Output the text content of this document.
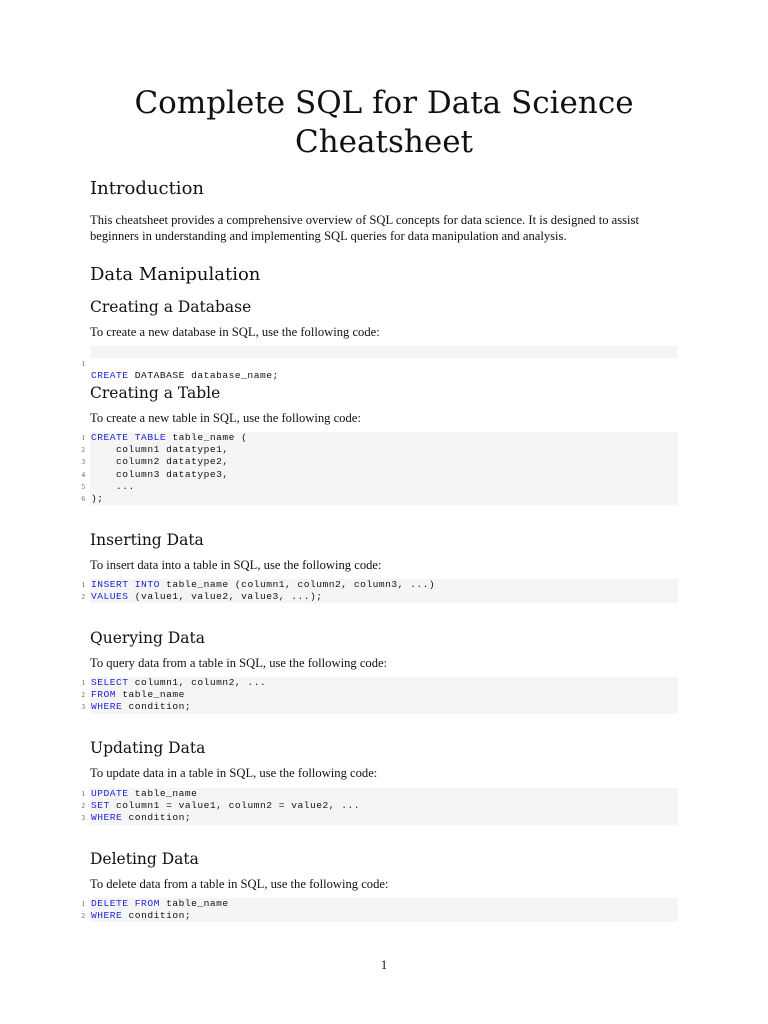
Complete SQL for Data Science
Cheatsheet
Introduction
This cheatsheet provides a comprehensive overview of SQL concepts for data science. It is designed to assist beginners in understanding and implementing SQL queries for data manipulation and analysis.
Data Manipulation
Creating a Database
To create a new database in SQL, use the following code:

1

CREATE DATABASE database_name;

Creating a Table
To create a new table in SQL, use the following code:
1 CREATE TABLE table_name (
2 column1 datatype1,
3 column2 datatype2,
4 column3 datatype3,
5 ...
6 );
Inserting Data
To insert data into a table in SQL, use the following code:
1 INSERT INTO table_name (column1, column2, column3, ...)
2 VALUES (value1, value2, value3, ...);
Querying Data
To query data from a table in SQL, use the following code:
1 SELECT column1, column2, ...
2 FROM table_name
3 WHERE condition;
Updating Data
To update data in a table in SQL, use the following code:
1 UPDATE table_name
2 SET column1 = value1, column2 = value2, ...
3 WHERE condition;
Deleting Data
To delete data from a table in SQL, use the following code:
1 DELETE FROM table_name
2 WHERE condition;
1
